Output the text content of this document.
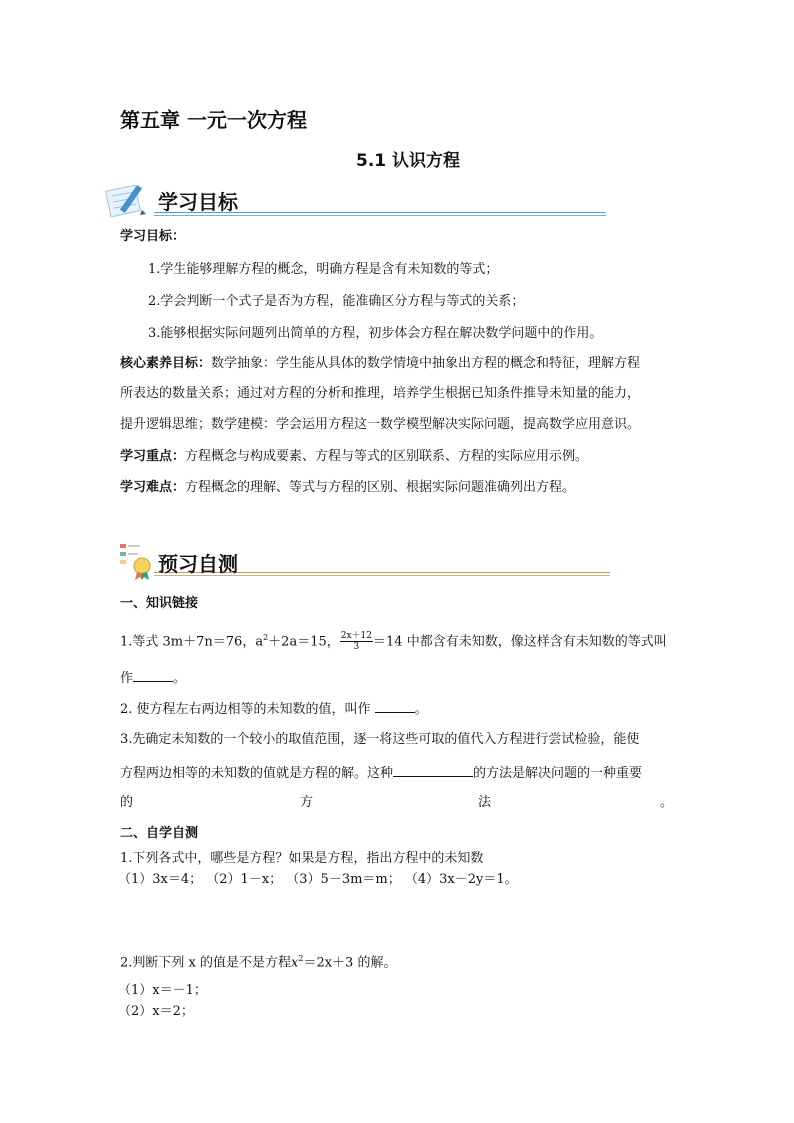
第五章 一元一次方程
5.1 认识方程
学习目标
学习目标：
1.学生能够理解方程的概念，明确方程是含有未知数的等式；
2.学会判断一个式子是否为方程，能准确区分方程与等式的关系；
3.能够根据实际问题列出简单的方程，初步体会方程在解决数学问题中的作用。
核心素养目标：数学抽象：学生能从具体的数学情境中抽象出方程的概念和特征，理解方程
所表达的数量关系；通过对方程的分析和推理，培养学生根据已知条件推导未知量的能力，
提升逻辑思维；数学建模：学会运用方程这一数学模型解决实际问题，提高数学应用意识。
学习重点：方程概念与构成要素、方程与等式的区别联系、方程的实际应用示例。
学习难点：方程概念的理解、等式与方程的区别、根据实际问题准确列出方程。
预习自测
一、知识链接
1.等式 3m＋7n＝76，$a^2+2a=15$， $\frac{2x+12}{3} =14$ 中都含有未知数，像这样含有未知数的等式叫
作	。
2. 使方程左右两边相等的未知数的值，叫作	。
3.先确定未知数的一个较小的取值范围，逐一将这些可取的值代入方程进行尝试检验，能使
方程两边相等的未知数的值就是方程的解。这种	的方法是解决问题的一种重要
的	方	法	。
二、自学自测
1.下列各式中，哪些是方程？如果是方程，指出方程中的未知数
（1）3x＝4； （2）1－x； （3）5－3m＝m； （4）3x－2y＝1。
2.判断下列 x 的值是不是方程$x^2=2x+3$ 的解。
（1）x＝－1；
（2）x＝2；
